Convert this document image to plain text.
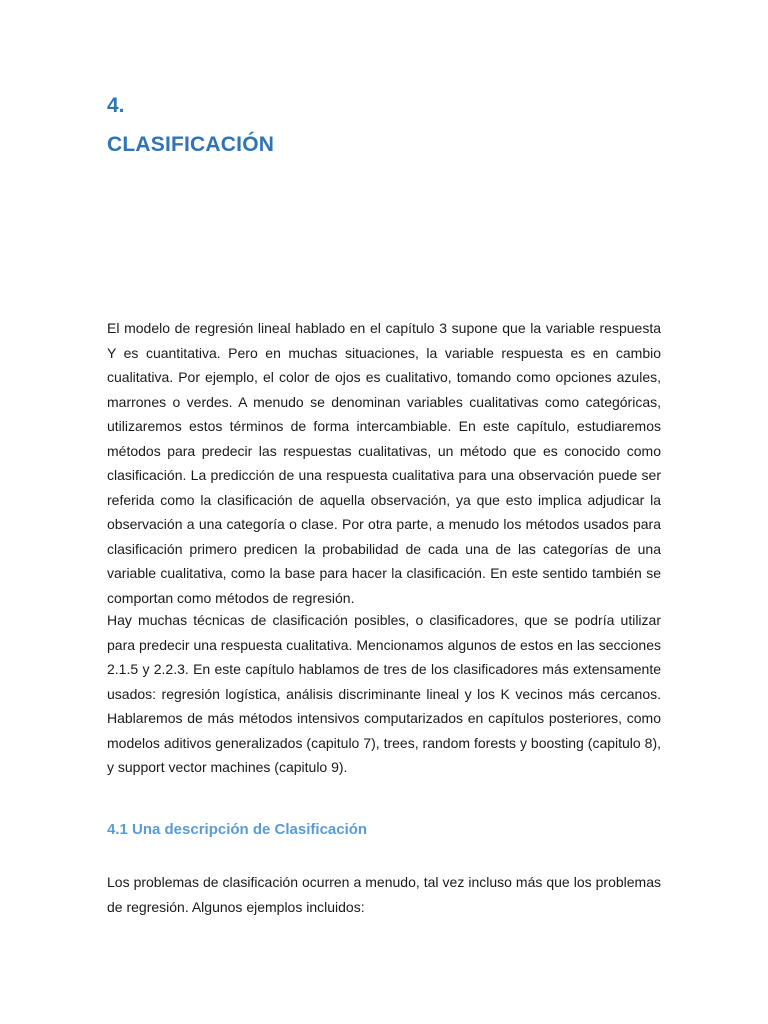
4.
CLASIFICACIÓN

El modelo de regresión lineal hablado en el capítulo 3 supone que la variable respuesta Y es cuantitativa. Pero en muchas situaciones, la variable respuesta es en cambio cualitativa. Por ejemplo, el color de ojos es cualitativo, tomando como opciones azules, marrones o verdes. A menudo se denominan variables cualitativas como categóricas, utilizaremos estos términos de forma intercambiable. En este capítulo, estudiaremos métodos para predecir las respuestas cualitativas, un método que es conocido como clasificación. La predicción de una respuesta cualitativa para una observación puede ser referida como la clasificación de aquella observación, ya que esto implica adjudicar la observación a una categoría o clase. Por otra parte, a menudo los métodos usados para clasificación primero predicen la probabilidad de cada una de las categorías de una variable cualitativa, como la base para hacer la clasificación. En este sentido también se comportan como métodos de regresión.

Hay muchas técnicas de clasificación posibles, o clasificadores, que se podría utilizar para predecir una respuesta cualitativa. Mencionamos algunos de estos en las secciones 2.1.5 y 2.2.3. En este capítulo hablamos de tres de los clasificadores más extensamente usados: regresión logística, análisis discriminante lineal y los K vecinos más cercanos. Hablaremos de más métodos intensivos computarizados en capítulos posteriores, como modelos aditivos generalizados (capitulo 7), trees, random forests y boosting (capitulo 8), y support vector machines (capitulo 9).

4.1 Una descripción de Clasificación

Los problemas de clasificación ocurren a menudo, tal vez incluso más que los problemas de regresión. Algunos ejemplos incluidos:
